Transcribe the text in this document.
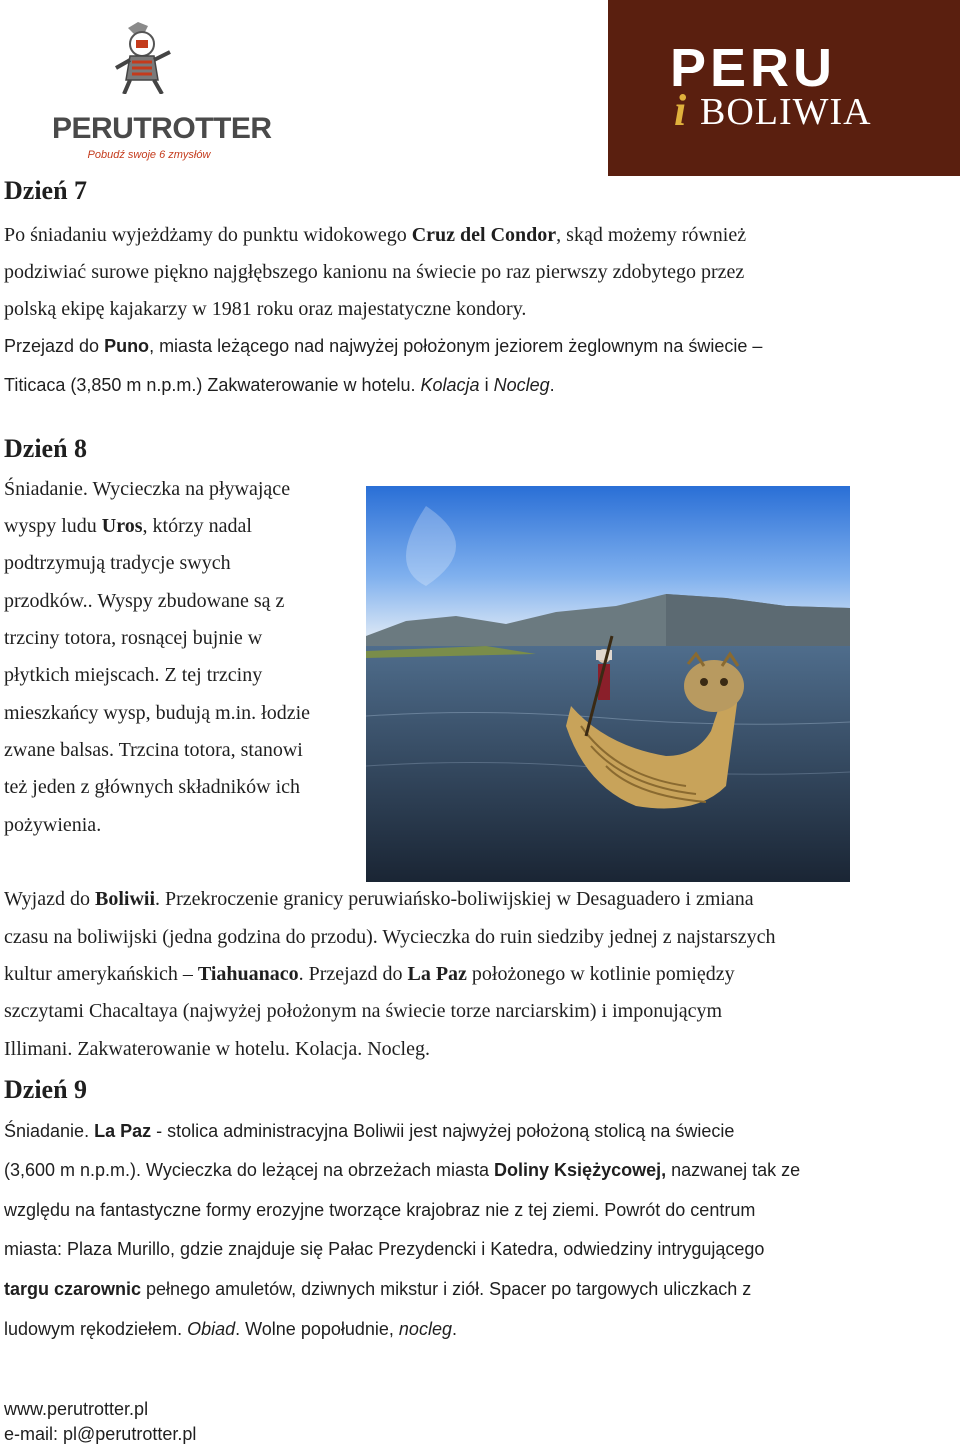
PERUTROTTER
Pobudź swoje 6 zmysłów
PERU
i BOLIWIA
Dzień 7
Po śniadaniu wyjeżdżamy do punktu widokowego Cruz del Condor, skąd możemy również
podziwiać surowe piękno najgłębszego kanionu na świecie po raz pierwszy zdobytego przez
polską ekipę kajakarzy w 1981 roku oraz majestatyczne kondory.
Przejazd do Puno, miasta leżącego nad najwyżej położonym jeziorem żeglownym na świecie –
Titicaca (3,850 m n.p.m.) Zakwaterowanie w hotelu. Kolacja i Nocleg.
Dzień 8
Śniadanie. Wycieczka na pływające
wyspy ludu Uros, którzy nadal
podtrzymują tradycje swych
przodków.. Wyspy zbudowane są z
trzciny totora, rosnącej bujnie w
płytkich miejscach. Z tej trzciny
mieszkańcy wysp, budują m.in. łodzie
zwane balsas. Trzcina totora, stanowi
też jeden z głównych składników ich
pożywienia.
Wyjazd do Boliwii. Przekroczenie granicy peruwiańsko-boliwijskiej w Desaguadero i zmiana
czasu na boliwijski (jedna godzina do przodu). Wycieczka do ruin siedziby jednej z najstarszych
kultur amerykańskich – Tiahuanaco. Przejazd do La Paz położonego w kotlinie pomiędzy
szczytami Chacaltaya (najwyżej położonym na świecie torze narciarskim) i imponującym
Illimani. Zakwaterowanie w hotelu. Kolacja. Nocleg.
Dzień 9
Śniadanie. La Paz - stolica administracyjna Boliwii jest najwyżej położoną stolicą na świecie
(3,600 m n.p.m.). Wycieczka do leżącej na obrzeżach miasta Doliny Księżycowej, nazwanej tak ze
względu na fantastyczne formy erozyjne tworzące krajobraz nie z tej ziemi. Powrót do centrum
miasta: Plaza Murillo, gdzie znajduje się Pałac Prezydencki i Katedra, odwiedziny intrygującego
targu czarownic pełnego amuletów, dziwnych mikstur i ziół. Spacer po targowych uliczkach z
ludowym rękodziełem. Obiad. Wolne popołudnie, nocleg.
www.perutrotter.pl
e-mail: pl@perutrotter.pl
